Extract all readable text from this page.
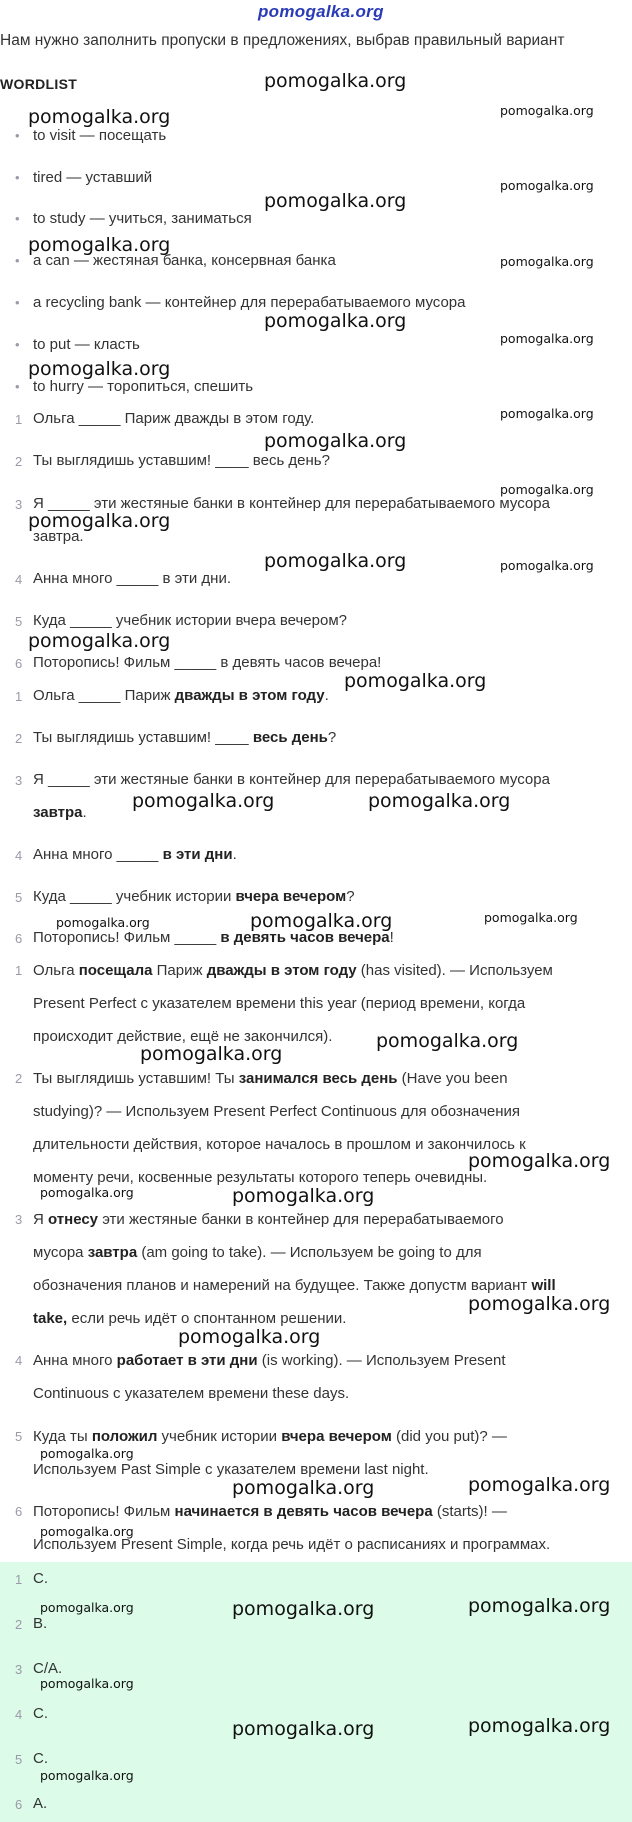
pomogalka.org
Нам нужно заполнить пропуски в предложениях, выбрав правильный вариант
WORDLIST
• to visit — посещать
• tired — уставший
• to study — учиться, заниматься
• a can — жестяная банка, консервная банка
• a recycling bank — контейнер для перерабатываемого мусора
• to put — класть
• to hurry — торопиться, спешить
1 Ольга _____ Париж дважды в этом году.
2 Ты выглядишь уставшим! ____ весь день?
3 Я _____ эти жестяные банки в контейнер для перерабатываемого мусора
завтра.
4 Анна много _____ в эти дни.
5 Куда _____ учебник истории вчера вечером?
6 Поторопись! Фильм _____ в девять часов вечера!
1 Ольга _____ Париж дважды в этом году.
2 Ты выглядишь уставшим! ____ весь день?
3 Я _____ эти жестяные банки в контейнер для перерабатываемого мусора
завтра.
4 Анна много _____ в эти дни.
5 Куда _____ учебник истории вчера вечером?
6 Поторопись! Фильм _____ в девять часов вечера!
1 Ольга посещала Париж дважды в этом году (has visited). — Используем
Present Perfect с указателем времени this year (период времени, когда
происходит действие, ещё не закончился).
2 Ты выглядишь уставшим! Ты занимался весь день (Have you been
studying)? — Используем Present Perfect Continuous для обозначения
длительности действия, которое началось в прошлом и закончилось к
моменту речи, косвенные результаты которого теперь очевидны.
3 Я отнесу эти жестяные банки в контейнер для перерабатываемого
мусора завтра (am going to take). — Используем be going to для
обозначения планов и намерений на будущее. Также допустм вариант will
take, если речь идёт о спонтанном решении.
4 Анна много работает в эти дни (is working). — Используем Present
Continuous с указателем времени these days.
5 Куда ты положил учебник истории вчера вечером (did you put)? —
Используем Past Simple с указателем времени last night.
6 Поторопись! Фильм начинается в девять часов вечера (starts)! —
Используем Present Simple, когда речь идёт о расписаниях и программах.
1 C.
2 B.
3 C/A.
4 C.
5 C.
6 A.
pomogalka.org
pomogalka.org	pomogalka.org
pomogalka.org
pomogalka.org
pomogalka.org
pomogalka.org
pomogalka.org
pomogalka.org
pomogalka.org
pomogalka.org
pomogalka.org
pomogalka.org
pomogalka.org
pomogalka.org	pomogalka.org
pomogalka.org
pomogalka.org
pomogalka.org	pomogalka.org
pomogalka.org	pomogalka.org	pomogalka.org
pomogalka.org
pomogalka.org
pomogalka.org
pomogalka.org	pomogalka.org
pomogalka.org
pomogalka.org
pomogalka.org
pomogalka.org	pomogalka.org
pomogalka.org
pomogalka.org	pomogalka.org	pomogalka.org
pomogalka.org
pomogalka.org	pomogalka.org
pomogalka.org
